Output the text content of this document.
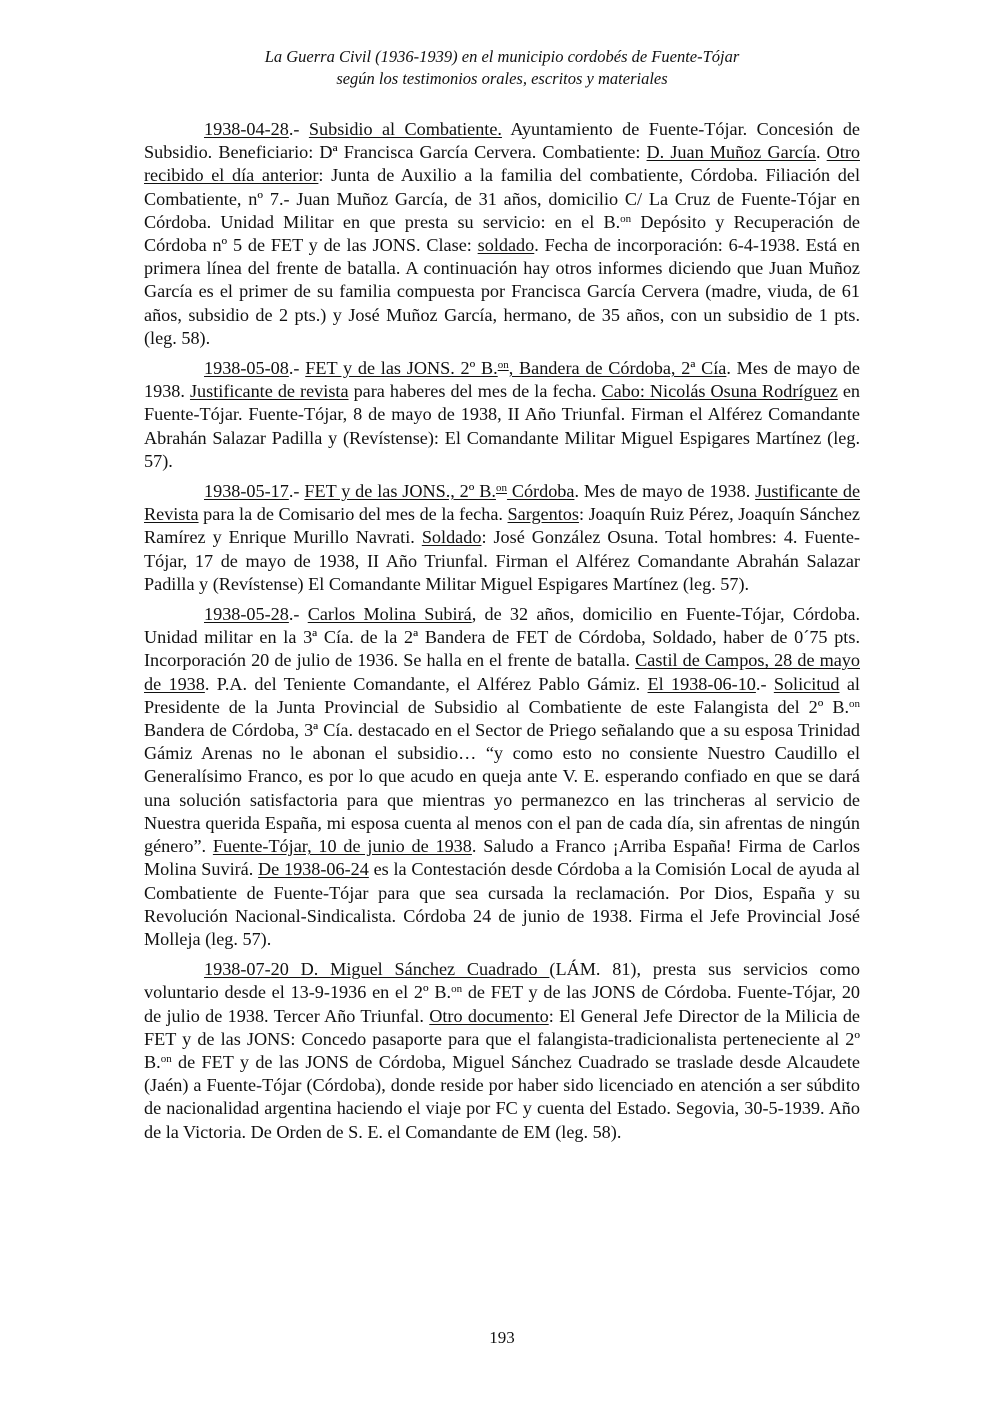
La Guerra Civil (1936-1939) en el municipio cordobés de Fuente-Tójar
según los testimonios orales, escritos y materiales

1938-04-28.- Subsidio al Combatiente. Ayuntamiento de Fuente-Tójar. Concesión de Subsidio. Beneficiario: Dª Francisca García Cervera. Combatiente: D. Juan Muñoz García. Otro recibido el día anterior: Junta de Auxilio a la familia del combatiente, Córdoba. Filiación del Combatiente, nº 7.- Juan Muñoz García, de 31 años, domicilio C/ La Cruz de Fuente-Tójar en Córdoba. Unidad Militar en que presta su servicio: en el B.$^{on}$ Depósito y Recuperación de Córdoba nº 5 de FET y de las JONS. Clase: soldado. Fecha de incorporación: 6-4-1938. Está en primera línea del frente de batalla. A continuación hay otros informes diciendo que Juan Muñoz García es el primer de su familia compuesta por Francisca García Cervera (madre, viuda, de 61 años, subsidio de 2 pts.) y José Muñoz García, hermano, de 35 años, con un subsidio de 1 pts. (leg. 58).

1938-05-08.- FET y de las JONS. 2º B.$^{on}$, Bandera de Córdoba, 2ª Cía. Mes de mayo de 1938. Justificante de revista para haberes del mes de la fecha. Cabo: Nicolás Osuna Rodríguez en Fuente-Tójar. Fuente-Tójar, 8 de mayo de 1938, II Año Triunfal. Firman el Alférez Comandante Abrahán Salazar Padilla y (Revístense): El Comandante Militar Miguel Espigares Martínez (leg. 57).

1938-05-17.- FET y de las JONS., 2º B.$^{on}$ Córdoba. Mes de mayo de 1938. Justificante de Revista para la de Comisario del mes de la fecha. Sargentos: Joaquín Ruiz Pérez, Joaquín Sánchez Ramírez y Enrique Murillo Navrati. Soldado: José González Osuna. Total hombres: 4. Fuente-Tójar, 17 de mayo de 1938, II Año Triunfal. Firman el Alférez Comandante Abrahán Salazar Padilla y (Revístense) El Comandante Militar Miguel Espigares Martínez (leg. 57).

1938-05-28.- Carlos Molina Subirá, de 32 años, domicilio en Fuente-Tójar, Córdoba. Unidad militar en la 3ª Cía. de la 2ª Bandera de FET de Córdoba, Soldado, haber de 0´75 pts. Incorporación 20 de julio de 1936. Se halla en el frente de batalla. Castil de Campos, 28 de mayo de 1938. P.A. del Teniente Comandante, el Alférez Pablo Gámiz. El 1938-06-10.- Solicitud al Presidente de la Junta Provincial de Subsidio al Combatiente de este Falangista del 2º B.$^{on}$ Bandera de Córdoba, 3ª Cía. destacado en el Sector de Priego señalando que a su esposa Trinidad Gámiz Arenas no le abonan el subsidio… “y como esto no consiente Nuestro Caudillo el Generalísimo Franco, es por lo que acudo en queja ante V. E. esperando confiado en que se dará una solución satisfactoria para que mientras yo permanezco en las trincheras al servicio de Nuestra querida España, mi esposa cuenta al menos con el pan de cada día, sin afrentas de ningún género”. Fuente-Tójar, 10 de junio de 1938. Saludo a Franco ¡Arriba España! Firma de Carlos Molina Suvirá. De 1938-06-24 es la Contestación desde Córdoba a la Comisión Local de ayuda al Combatiente de Fuente-Tójar para que sea cursada la reclamación. Por Dios, España y su Revolución Nacional-Sindicalista. Córdoba 24 de junio de 1938. Firma el Jefe Provincial José Molleja (leg. 57).

1938-07-20 D. Miguel Sánchez Cuadrado (LÁM. 81), presta sus servicios como voluntario desde el 13-9-1936 en el 2º B.$^{on}$ de FET y de las JONS de Córdoba. Fuente-Tójar, 20 de julio de 1938. Tercer Año Triunfal. Otro documento: El General Jefe Director de la Milicia de FET y de las JONS: Concedo pasaporte para que el falangista-tradicionalista perteneciente al 2º B.$^{on}$ de FET y de las JONS de Córdoba, Miguel Sánchez Cuadrado se traslade desde Alcaudete (Jaén) a Fuente-Tójar (Córdoba), donde reside por haber sido licenciado en atención a ser súbdito de nacionalidad argentina haciendo el viaje por FC y cuenta del Estado. Segovia, 30-5-1939. Año de la Victoria. De Orden de S. E. el Comandante de EM (leg. 58).

193
